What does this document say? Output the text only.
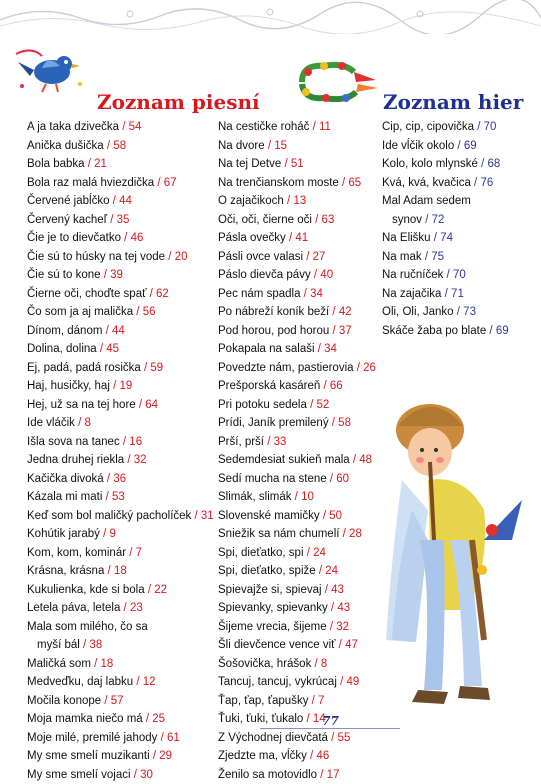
Zoznam piesní	Zoznam hier
A ja taka dzivečka / 54
Anička dušička / 58
Bola babka / 21
Bola raz malá hviezdička / 67
Červené jabĺčko / 44
Červený kacheľ / 35
Čie je to dievčatko / 46
Čie sú to húsky na tej vode / 20
Čie sú to kone / 39
Čierne oči, choďte spať / 62
Čo som ja aj malička / 56
Dínom, dánom / 44
Dolina, dolina / 45
Ej, padá, padá rosička / 59
Haj, husičky, haj / 19
Hej, už sa na tej hore / 64
Ide vláčik / 8
Išla sova na tanec / 16
Jedna druhej riekla / 32
Kačička divoká / 36
Kázala mi mati / 53
Keď som bol maličký pacholíček / 31
Kohútik jarabý / 9
Kom, kom, kominár / 7
Krásna, krásna / 18
Kukulienka, kde si bola / 22
Letela páva, letela / 23
Mala som milého, čo sa
myší bál / 38
Maličká som / 18
Medveďku, daj labku / 12
Močila konope / 57
Moja mamka niečo má / 25
Moje milé, premilé jahody / 61
My sme smelí muzikanti / 29
My sme smelí vojaci / 30
Na cestičke roháč / 11
Na dvore / 15
Na tej Detve / 51
Na trenčianskom moste / 65
O zajačikoch / 13
Oči, oči, čierne oči / 63
Pásla ovečky / 41
Pásli ovce valasi / 27
Páslo dievča pávy / 40
Pec nám spadla / 34
Po nábreží koník beží / 42
Pod horou, pod horou / 37
Pokapala na salaši / 34
Povedzte nám, pastierovia / 26
Prešporská kasáreň / 66
Pri potoku sedela / 52
Prídi, Janík premilený / 58
Prší, prší / 33
Sedemdesiat sukieň mala / 48
Sedí mucha na stene / 60
Slimák, slimák / 10
Slovenské mamičky / 50
Sniežik sa nám chumelí / 28
Spi, dieťatko, spi / 24
Spi, dieťatko, spiže / 24
Spievajže si, spievaj / 43
Spievanky, spievanky / 43
Šijeme vrecia, šijeme / 32
Šli dievčence vence viť / 47
Šošovička, hrášok / 8
Tancuj, tancuj, vykrúcaj / 49
Ťap, ťap, ťapušky / 7
Ťuki, ťuki, ťukalo / 14
Z Východnej dievčatá / 55
Zjedzte ma, vĺčky / 46
Ženilo sa motovidlo / 17
Cip, cip, cipovička / 70
Ide vĺčik okolo / 69
Kolo, kolo mlynské / 68
Kvá, kvá, kvačica / 76
Mal Adam sedem
synov / 72
Na Elišku / 74
Na mak / 75
Na ručníček / 70
Na zajačika / 71
Oli, Oli, Janko / 73
Skáče žaba po blate / 69
77
